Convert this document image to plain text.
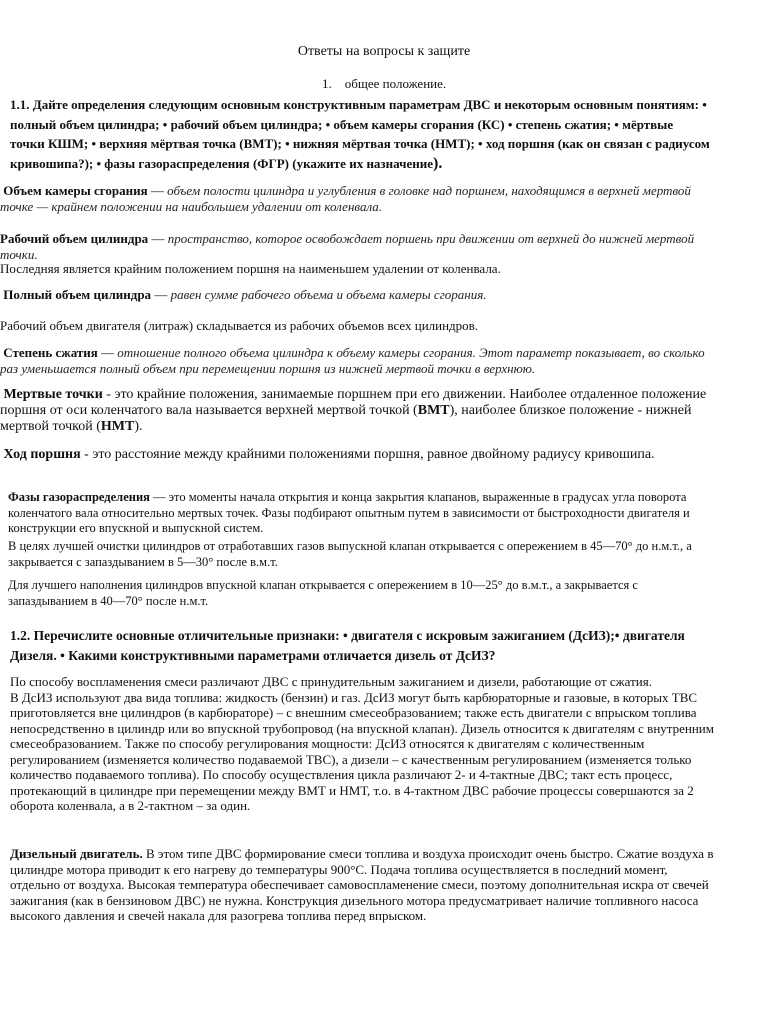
Ответы на вопросы к защите

1. общее положение.

1.1. Дайте определения следующим основным конструктивным параметрам ДВС и некоторым основным понятиям: • полный объем цилиндра; • рабочий объем цилиндра; • объем камеры сгорания (КС) • степень сжатия; • мёртвые точки КШМ; • верхняя мёртвая точка (ВМТ); • нижняя мёртвая точка (НМТ); • ход поршня (как он связан с радиусом кривошипа?); • фазы газораспределения (ФГР) (укажите их назначение).

Объем камеры сгорания — объем полости цилиндра и углубления в головке над поршнем, находящимся в верхней мертвой точке — крайнем положении на наибольшем удалении от коленвала.

Рабочий объем цилиндра — пространство, которое освобождает поршень при движении от верхней до нижней мертвой точки.

Последняя является крайним положением поршня на наименьшем удалении от коленвала.

Полный объем цилиндра — равен сумме рабочего объема и объема камеры сгорания.

Рабочий объем двигателя (литраж) складывается из рабочих объемов всех цилиндров.

Степень сжатия — отношение полного объема цилиндра к объему камеры сгорания. Этот параметр показывает, во сколько раз уменьшается полный объем при перемещении поршня из нижней мертвой точки в верхнюю.

Мертвые точки - это крайние положения, занимаемые поршнем при его движении. Наиболее отдаленное положение поршня от оси коленчатого вала называется верхней мертвой точкой (ВМТ), наиболее близкое положение - нижней мертвой точкой (НМТ).

Ход поршня - это расстояние между крайними положениями поршня, равное двойному радиусу кривошипа.

Фазы газораспределения — это моменты начала открытия и конца закрытия клапанов, выраженные в градусах угла поворота коленчатого вала относительно мертвых точек. Фазы подбирают опытным путем в зависимости от быстроходности двигателя и конструкции его впускной и выпускной систем.

В целях лучшей очистки цилиндров от отработавших газов выпускной клапан открывается с опережением в 45—70° до н.м.т., а закрывается с запаздыванием в 5—30° после в.м.т.

Для лучшего наполнения цилиндров впускной клапан открывается с опережением в 10—25° до в.м.т., а закрывается с запаздыванием в 40—70° после н.м.т.

1.2. Перечислите основные отличительные признаки: • двигателя с искровым зажиганием (ДсИЗ);• двигателя Дизеля. • Какими конструктивными параметрами отличается дизель от ДсИЗ?

По способу воспламенения смеси различают ДВС с принудительным зажиганием и дизели, работающие от сжатия.
В ДсИЗ используют два вида топлива: жидкость (бензин) и газ. ДсИЗ могут быть карбюраторные и газовые, в которых ТВС приготовляется вне цилиндров (в карбюраторе) – с внешним смесеобразованием; также есть двигатели с впрыском топлива непосредственно в цилиндр или во впускной трубопровод (на впускной клапан). Дизель относится к двигателям с внутренним смесеобразованием. Также по способу регулирования мощности: ДсИЗ относятся к двигателям с количественным регулированием (изменяется количество подаваемой ТВС), а дизели – с качественным регулированием (изменяется только количество подаваемого топлива). По способу осуществления цикла различают 2- и 4-тактные ДВС; такт есть процесс, протекающий в цилиндре при перемещении между ВМТ и НМТ, т.о. в 4-тактном ДВС рабочие процессы совершаются за 2 оборота коленвала, а в 2-тактном – за один.

Дизельный двигатель. В этом типе ДВС формирование смеси топлива и воздуха происходит очень быстро. Сжатие воздуха в цилиндре мотора приводит к его нагреву до температуры 900°С. Подача топлива осуществляется в последний момент, отдельно от воздуха. Высокая температура обеспечивает самовоспламенение смеси, поэтому дополнительная искра от свечей зажигания (как в бензиновом ДВС) не нужна. Конструкция дизельного мотора предусматривает наличие топливного насоса высокого давления и свечей накала для разогрева топлива перед впрыском.
